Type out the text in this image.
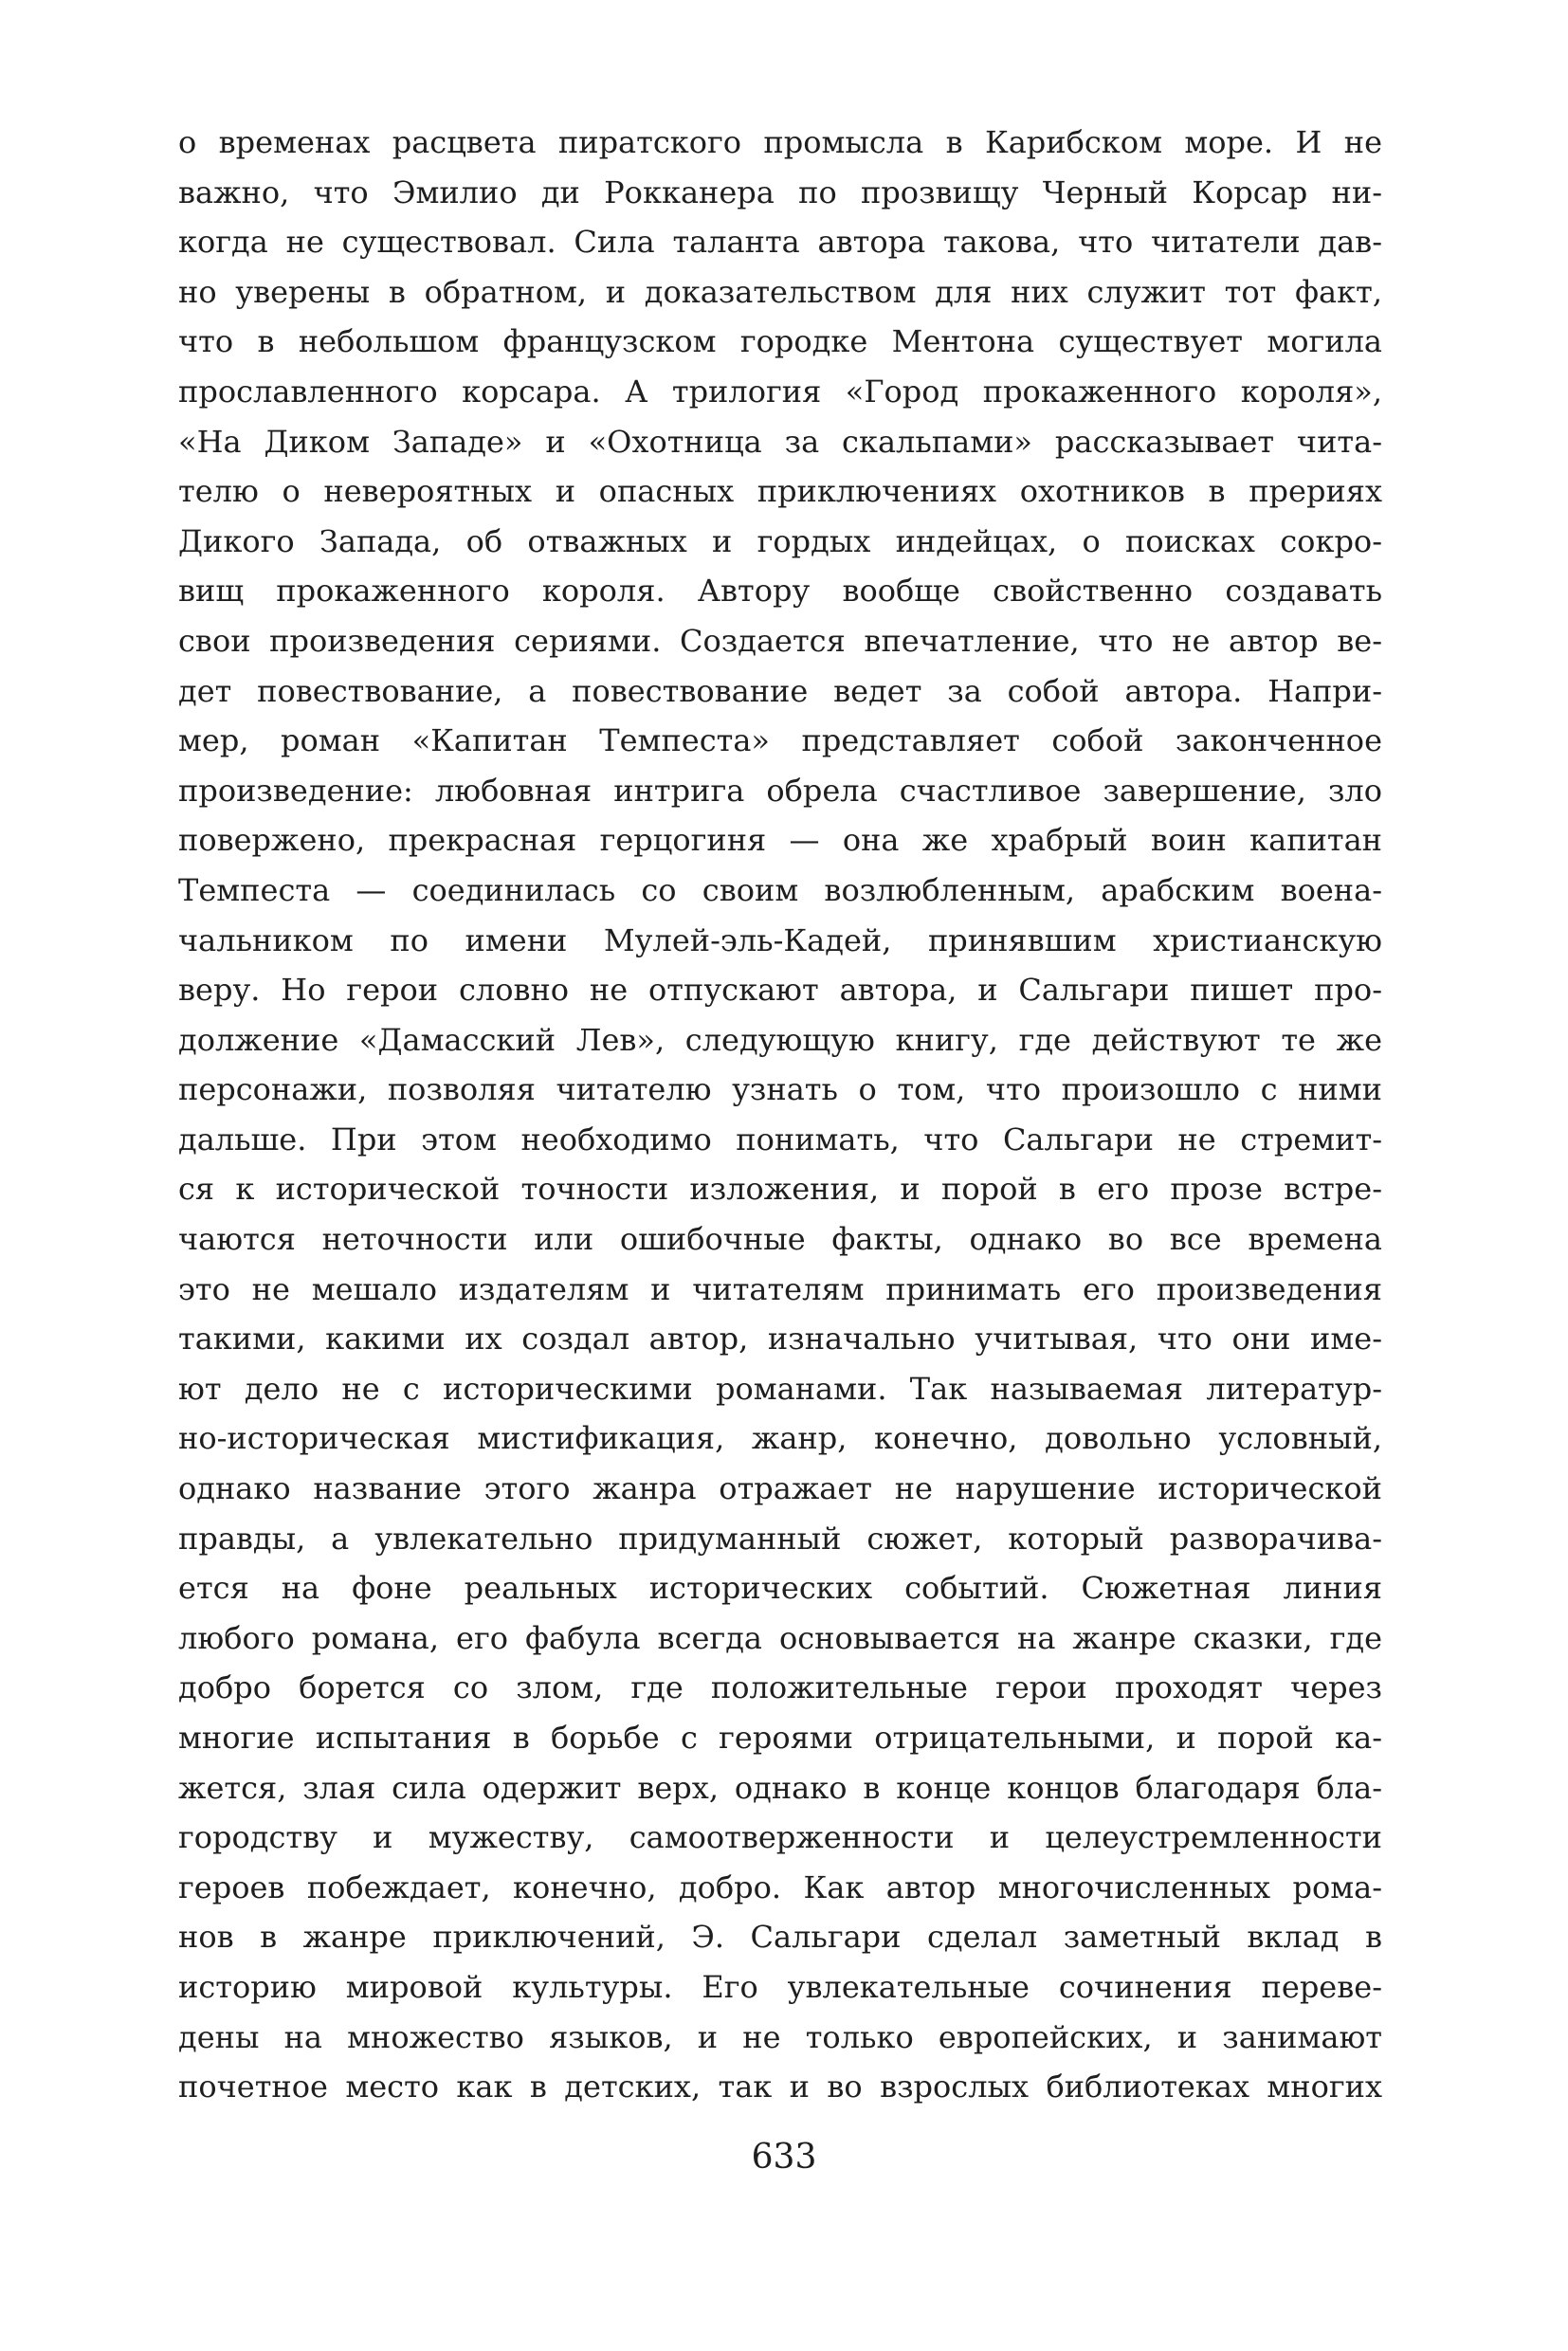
о временах расцвета пиратского промысла в Карибском море. И не
важно, что Эмилио ди Рокканера по прозвищу Черный Корсар ни-
когда не существовал. Сила таланта автора такова, что читатели дав-
но уверены в обратном, и доказательством для них служит тот факт,
что в небольшом французском городке Ментона существует могила
прославленного корсара. А трилогия «Город прокаженного короля»,
«На Диком Западе» и «Охотница за скальпами» рассказывает чита-
телю о невероятных и опасных приключениях охотников в прериях
Дикого Запада, об отважных и гордых индейцах, о поисках сокро-
вищ прокаженного короля. Автору вообще свойственно создавать
свои произведения сериями. Создается впечатление, что не автор ве-
дет повествование, а повествование ведет за собой автора. Напри-
мер, роман «Капитан Темпеста» представляет собой законченное
произведение: любовная интрига обрела счастливое завершение, зло
повержено, прекрасная герцогиня — она же храбрый воин капитан
Темпеста — соединилась со своим возлюбленным, арабским воена-
чальником по имени Мулей-эль-Кадей, принявшим христианскую
веру. Но герои словно не отпускают автора, и Сальгари пишет про-
должение «Дамасский Лев», следующую книгу, где действуют те же
персонажи, позволяя читателю узнать о том, что произошло с ними
дальше. При этом необходимо понимать, что Сальгари не стремит-
ся к исторической точности изложения, и порой в его прозе встре-
чаются неточности или ошибочные факты, однако во все времена
это не мешало издателям и читателям принимать его произведения
такими, какими их создал автор, изначально учитывая, что они име-
ют дело не с историческими романами. Так называемая литератур-
но-историческая мистификация, жанр, конечно, довольно условный,
однако название этого жанра отражает не нарушение исторической
правды, а увлекательно придуманный сюжет, который разворачива-
ется на фоне реальных исторических событий. Сюжетная линия
любого романа, его фабула всегда основывается на жанре сказки, где
добро борется со злом, где положительные герои проходят через
многие испытания в борьбе с героями отрицательными, и порой ка-
жется, злая сила одержит верх, однако в конце концов благодаря бла-
городству и мужеству, самоотверженности и целеустремленности
героев побеждает, конечно, добро. Как автор многочисленных рома-
нов в жанре приключений, Э. Сальгари сделал заметный вклад в
историю мировой культуры. Его увлекательные сочинения переве-
дены на множество языков, и не только европейских, и занимают
почетное место как в детских, так и во взрослых библиотеках многих
633
